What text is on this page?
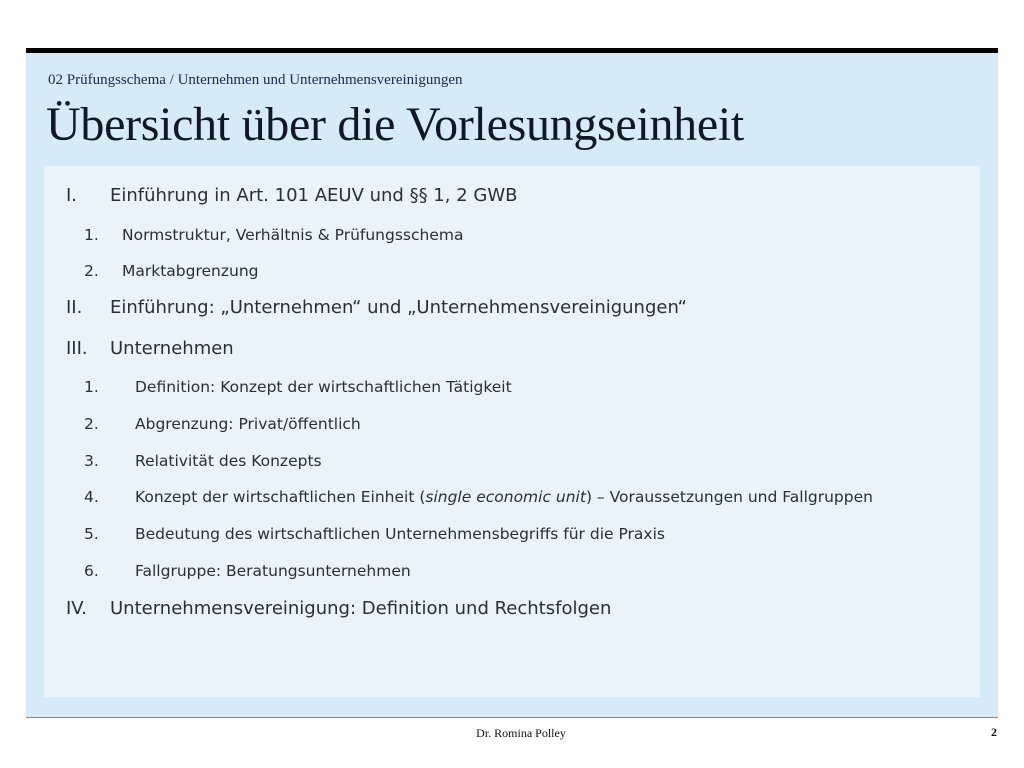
02 Prüfungsschema / Unternehmen und Unternehmensvereinigungen
Übersicht über die Vorlesungseinheit
I. Einführung in Art. 101 AEUV und §§ 1, 2 GWB
1. Normstruktur, Verhältnis & Prüfungsschema
2. Marktabgrenzung
II. Einführung: „Unternehmen“ und „Unternehmensvereinigungen“
III. Unternehmen
1. Definition: Konzept der wirtschaftlichen Tätigkeit
2. Abgrenzung: Privat/öffentlich
3. Relativität des Konzepts
4. Konzept der wirtschaftlichen Einheit (single economic unit) – Voraussetzungen und Fallgruppen
5. Bedeutung des wirtschaftlichen Unternehmensbegriffs für die Praxis
6. Fallgruppe: Beratungsunternehmen
IV. Unternehmensvereinigung: Definition und Rechtsfolgen
Dr. Romina Polley	2
